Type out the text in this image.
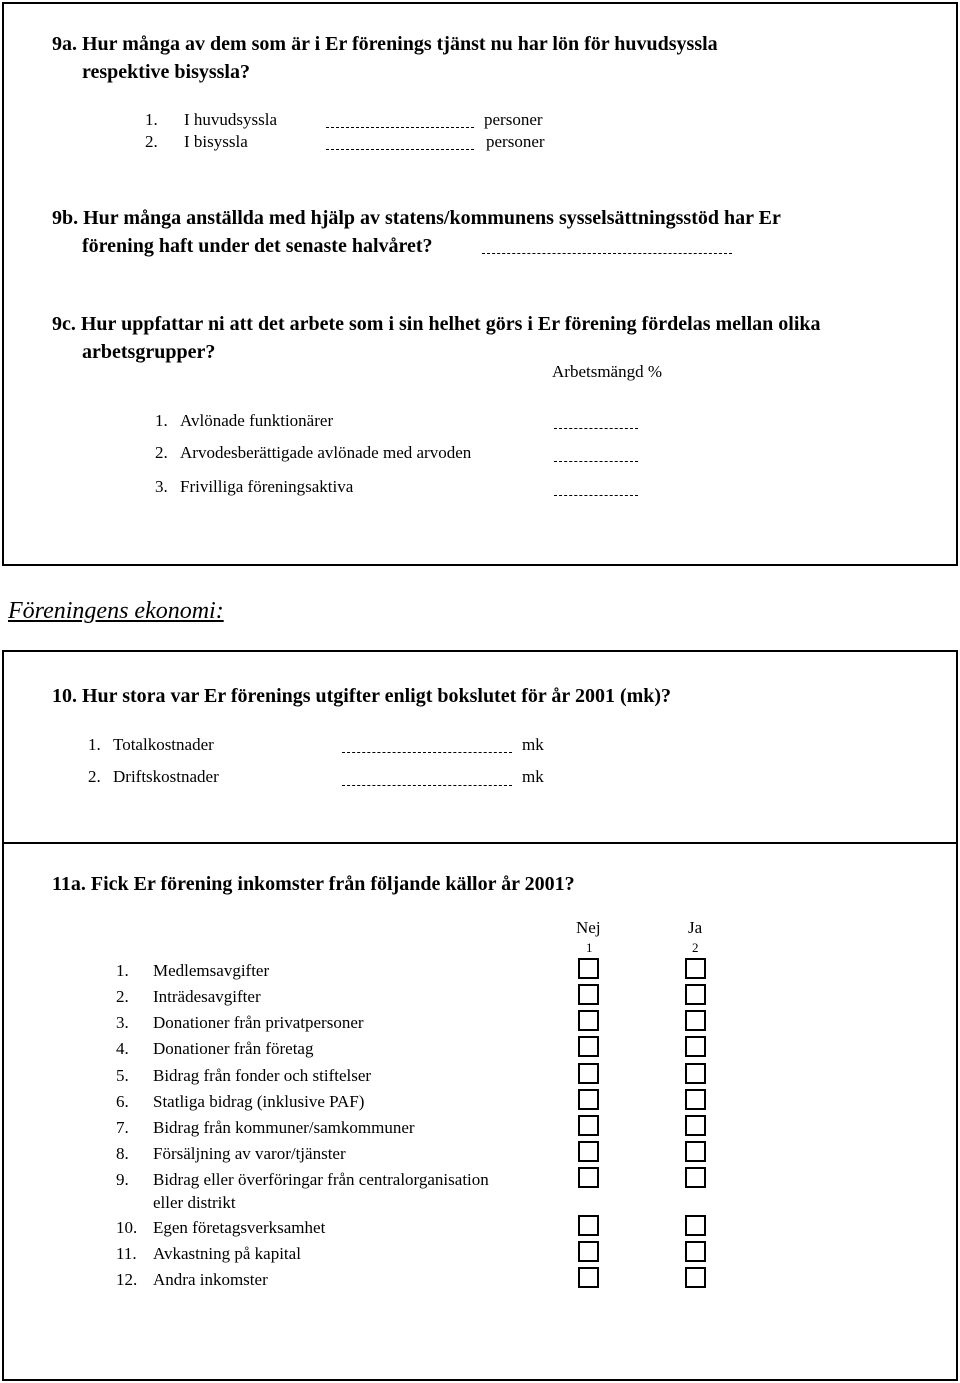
9a. Hur många av dem som är i Er förenings tjänst nu har lön för huvudsyssla
respektive bisyssla?
1. I huvudsyssla	personer
2. I bisyssla	personer
9b. Hur många anställda med hjälp av statens/kommunens sysselsättningsstöd har Er
förening haft under det senaste halvåret?
9c. Hur uppfattar ni att det arbete som i sin helhet görs i Er förening fördelas mellan olika
arbetsgrupper?
Arbetsmängd %
1. Avlönade funktionärer
2. Arvodesberättigade avlönade med arvoden
3. Frivilliga föreningsaktiva
Föreningens ekonomi:
10. Hur stora var Er förenings utgifter enligt bokslutet för år 2001 (mk)?
1. Totalkostnader	mk
2. Driftskostnader	mk
11a. Fick Er förening inkomster från följande källor år 2001?
Nej
1
Ja
2
1. Medlemsavgifter
2. Inträdesavgifter
3. Donationer från privatpersoner
4. Donationer från företag
5. Bidrag från fonder och stiftelser
6. Statliga bidrag (inklusive PAF)
7. Bidrag från kommuner/samkommuner
8. Försäljning av varor/tjänster
9. Bidrag eller överföringar från centralorganisation
eller distrikt
10. Egen företagsverksamhet
11. Avkastning på kapital
12. Andra inkomster
